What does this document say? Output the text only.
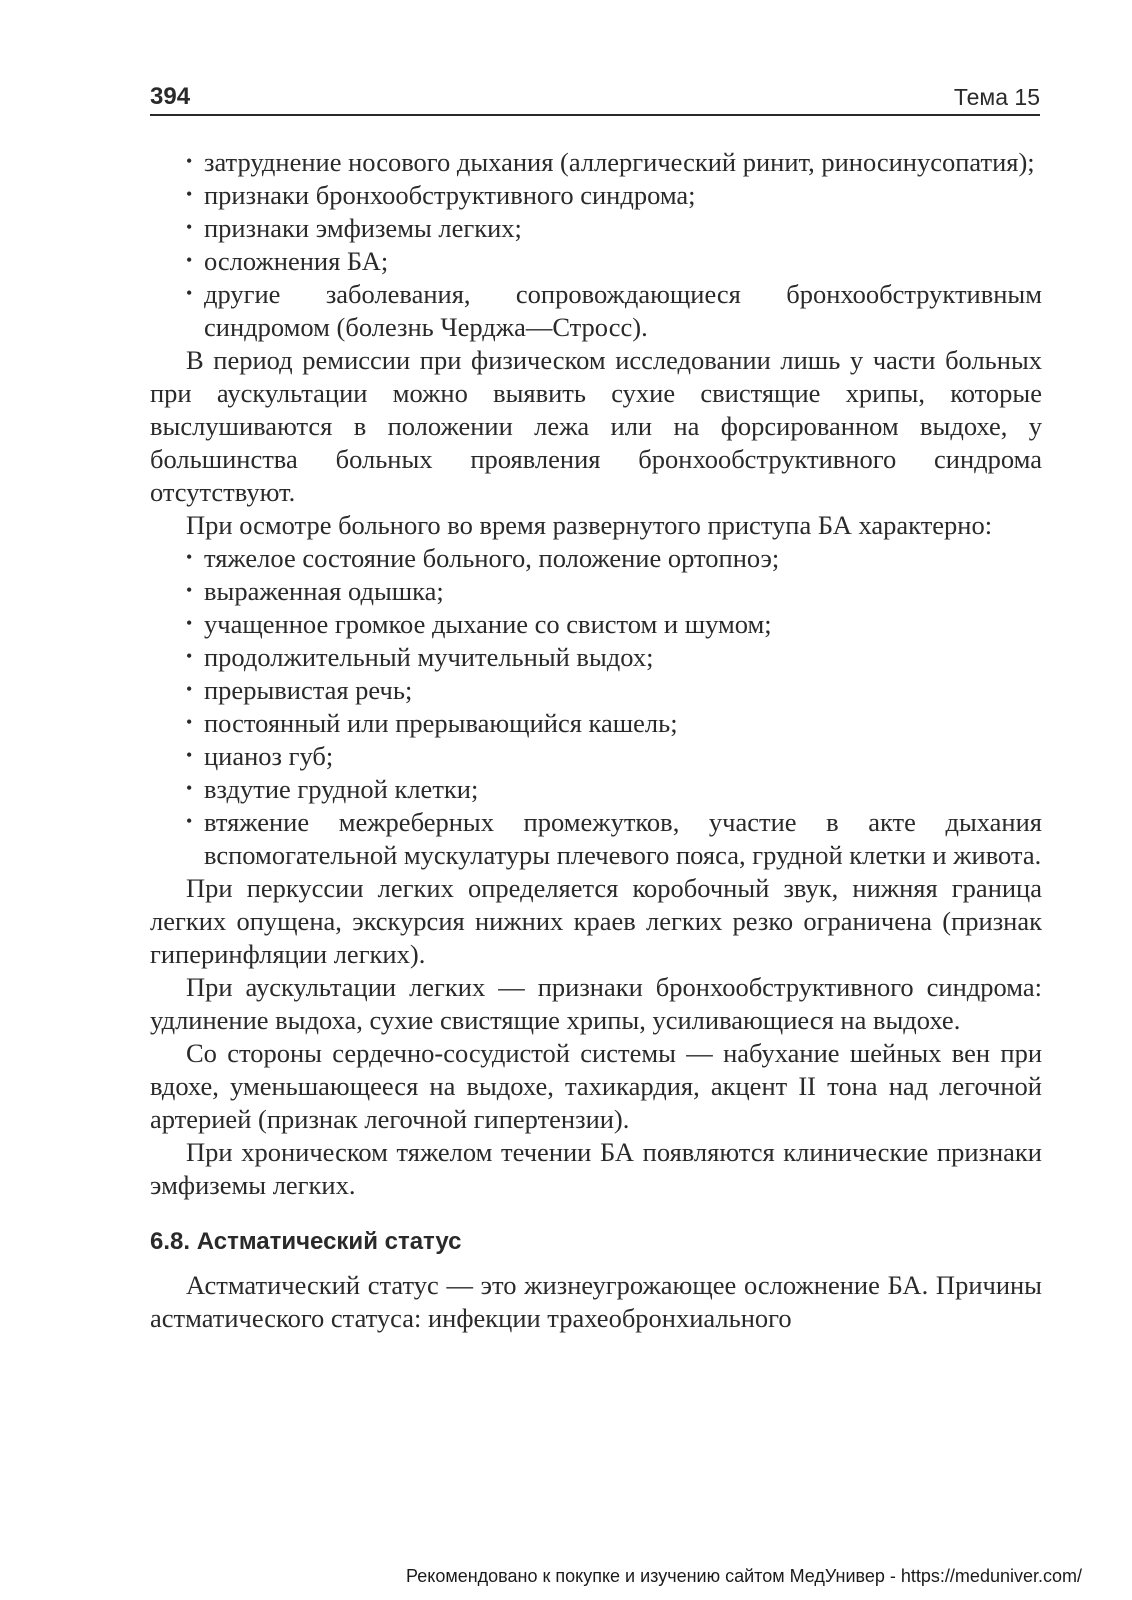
394	Тема 15
• затруднение носового дыхания (аллергический ринит, риносинусопатия);
• признаки бронхообструктивного синдрома;
• признаки эмфиземы легких;
• осложнения БА;
• другие заболевания, сопровождающиеся бронхообструктивным синдромом (болезнь Черджа—Стросс).

В период ремиссии при физическом исследовании лишь у части больных при аускультации можно выявить сухие свистящие хрипы, которые выслушиваются в положении лежа или на форсированном выдохе, у большинства больных проявления бронхообструктивного синдрома отсутствуют.

При осмотре больного во время развернутого приступа БА характерно:

• тяжелое состояние больного, положение ортопноэ;
• выраженная одышка;
• учащенное громкое дыхание со свистом и шумом;
• продолжительный мучительный выдох;
• прерывистая речь;
• постоянный или прерывающийся кашель;
• цианоз губ;
• вздутие грудной клетки;
• втяжение межреберных промежутков, участие в акте дыхания вспомогательной мускулатуры плечевого пояса, грудной клетки и живота.

При перкуссии легких определяется коробочный звук, нижняя граница легких опущена, экскурсия нижних краев легких резко ограничена (признак гиперинфляции легких).

При аускультации легких — признаки бронхообструктивного синдрома: удлинение выдоха, сухие свистящие хрипы, усиливающиеся на выдохе.

Со стороны сердечно-сосудистой системы — набухание шейных вен при вдохе, уменьшающееся на выдохе, тахикардия, акцент II тона над легочной артерией (признак легочной гипертензии).

При хроническом тяжелом течении БА появляются клинические признаки эмфиземы легких.

6.8. Астматический статус

Астматический статус — это жизнеугрожающее осложнение БА. Причины астматического статуса: инфекции трахеобронхиального

Рекомендовано к покупке и изучению сайтом МедУнивер - https://meduniver.com/
